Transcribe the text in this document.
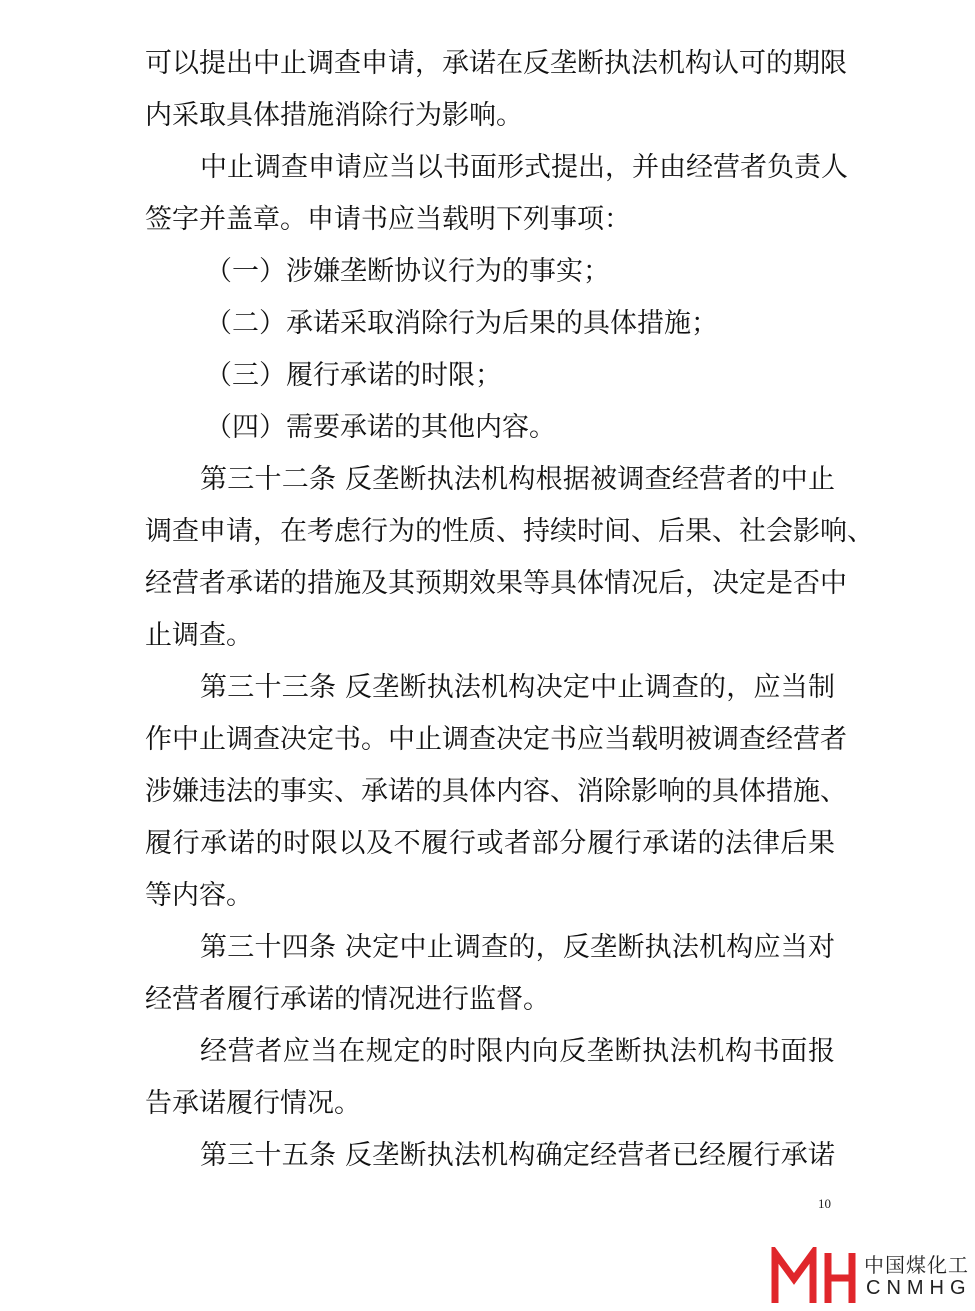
可以提出中止调查申请，承诺在反垄断执法机构认可的期限
内采取具体措施消除行为影响。
中止调查申请应当以书面形式提出，并由经营者负责人
签字并盖章。申请书应当载明下列事项：
（一）涉嫌垄断协议行为的事实；
（二）承诺采取消除行为后果的具体措施；
（三）履行承诺的时限；
（四）需要承诺的其他内容。
第三十二条 反垄断执法机构根据被调查经营者的中止
调查申请，在考虑行为的性质、持续时间、后果、社会影响、
经营者承诺的措施及其预期效果等具体情况后，决定是否中
止调查。
第三十三条 反垄断执法机构决定中止调查的，应当制
作中止调查决定书。中止调查决定书应当载明被调查经营者
涉嫌违法的事实、承诺的具体内容、消除影响的具体措施、
履行承诺的时限以及不履行或者部分履行承诺的法律后果
等内容。
第三十四条 决定中止调查的，反垄断执法机构应当对
经营者履行承诺的情况进行监督。
经营者应当在规定的时限内向反垄断执法机构书面报
告承诺履行情况。
第三十五条 反垄断执法机构确定经营者已经履行承诺
10
中国煤化工
CNMHG
